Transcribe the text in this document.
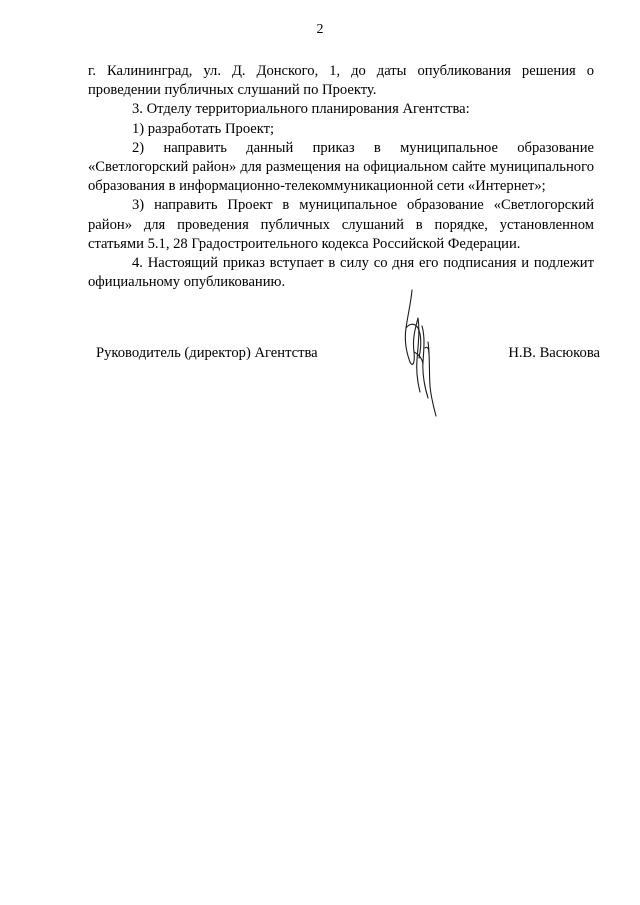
2

г. Калининград, ул. Д. Донского, 1, до даты опубликования решения о проведении публичных слушаний по Проекту.

3. Отделу территориального планирования Агентства:

1) разработать Проект;

2) направить данный приказ в муниципальное образование «Светлогорский район» для размещения на официальном сайте муниципального образования в информационно-телекоммуникационной сети «Интернет»;

3) направить Проект в муниципальное образование «Светлогорский район» для проведения публичных слушаний в порядке, установленном статьями 5.1, 28 Градостроительного кодекса Российской Федерации.

4. Настоящий приказ вступает в силу со дня его подписания и подлежит официальному опубликованию.

Руководитель (директор) Агентства	Н.В. Васюкова
